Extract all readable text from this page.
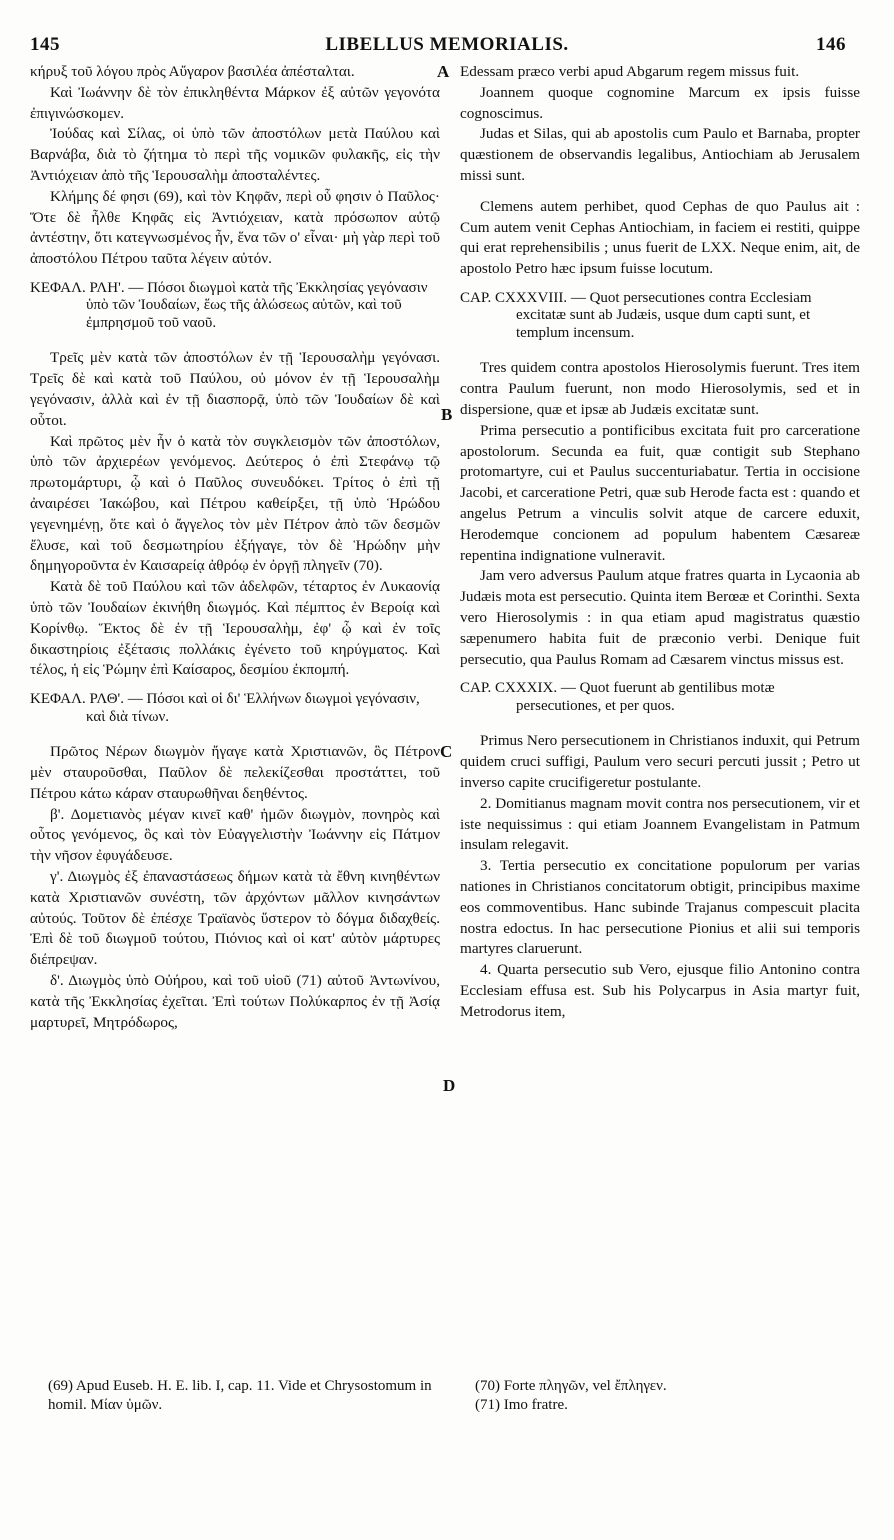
LIBELLUS MEMORIALIS.
145	146
A
B
C
D

κήρυξ τοῦ λόγου πρὸς Αὔγαρον βασιλέα ἀπέσταλται.

Καὶ Ἰωάννην δὲ τὸν ἐπικληθέντα Μάρκον ἐξ αὐτῶν γεγονότα ἐπιγινώσκομεν.

Ἰούδας καὶ Σίλας, οἱ ὑπὸ τῶν ἀποστόλων μετὰ Παύλου καὶ Βαρνάβα, διὰ τὸ ζήτημα τὸ περὶ τῆς νομικῶν φυλακῆς, εἰς τὴν Ἀντιόχειαν ἀπὸ τῆς Ἱερουσαλὴμ ἀποσταλέντες.

Κλήμης δέ φησι (69), καὶ τὸν Κηφᾶν, περὶ οὗ φησιν ὁ Παῦλος· Ὅτε δὲ ἦλθε Κηφᾶς εἰς Ἀντιόχειαν, κατὰ πρόσωπον αὐτῷ ἀντέστην, ὅτι κατεγνωσμένος ἦν, ἕνα τῶν ο' εἶναι· μὴ γὰρ περὶ τοῦ ἀποστόλου Πέτρου ταῦτα λέγειν αὐτόν.

ΚΕΦΑΛ. ΡΛΗ'. — Πόσοι διωγμοὶ κατὰ τῆς Ἐκκλησίας γεγόνασιν ὑπὸ τῶν Ἰουδαίων, ἕως τῆς ἁλώσεως αὐτῶν, καὶ τοῦ ἐμπρησμοῦ τοῦ ναοῦ.

Τρεῖς μὲν κατὰ τῶν ἀποστόλων ἐν τῇ Ἱερουσαλὴμ γεγόνασι. Τρεῖς δὲ καὶ κατὰ τοῦ Παύλου, οὐ μόνον ἐν τῇ Ἱερουσαλὴμ γεγόνασιν, ἀλλὰ καὶ ἐν τῇ διασπορᾷ, ὑπὸ τῶν Ἰουδαίων δὲ καὶ οὗτοι.

Καὶ πρῶτος μὲν ἦν ὁ κατὰ τὸν συγκλεισμὸν τῶν ἀποστόλων, ὑπὸ τῶν ἀρχιερέων γενόμενος. Δεύτερος ὁ ἐπὶ Στεφάνῳ τῷ πρωτομάρτυρι, ᾧ καὶ ὁ Παῦλος συνευδόκει. Τρίτος ὁ ἐπὶ τῇ ἀναιρέσει Ἰακώβου, καὶ Πέτρου καθείρξει, τῇ ὑπὸ Ἡρώδου γεγενημένῃ, ὅτε καὶ ὁ ἄγγελος τὸν μὲν Πέτρον ἀπὸ τῶν δεσμῶν ἔλυσε, καὶ τοῦ δεσμωτηρίου ἐξήγαγε, τὸν δὲ Ἡρώδην μὴν δημηγοροῦντα ἐν Καισαρείᾳ ἀθρόῳ ἐν ὀργῇ πληγεῖν (70).

Κατὰ δὲ τοῦ Παύλου καὶ τῶν ἀδελφῶν, τέταρτος ἐν Λυκαονίᾳ ὑπὸ τῶν Ἰουδαίων ἐκινήθη διωγμός. Καὶ πέμπτος ἐν Βεροίᾳ καὶ Κορίνθῳ. Ἕκτος δὲ ἐν τῇ Ἱερουσαλὴμ, ἐφ' ᾧ καὶ ἐν τοῖς δικαστηρίοις ἐξέτασις πολλάκις ἐγένετο τοῦ κηρύγματος. Καὶ τέλος, ἡ εἰς Ῥώμην ἐπὶ Καίσαρος, δεσμίου ἐκπομπή.

ΚΕΦΑΛ. ΡΛΘ'. — Πόσοι καὶ οἱ δι' Ἑλλήνων διωγμοὶ γεγόνασιν, καὶ διὰ τίνων.

Πρῶτος Νέρων διωγμὸν ἤγαγε κατὰ Χριστιανῶν, ὃς Πέτρον μὲν σταυροῦσθαι, Παῦλον δὲ πελεκίζεσθαι προστάττει, τοῦ Πέτρου κάτω κάραν σταυρωθῆναι δεηθέντος.

β'. Δομετιανὸς μέγαν κινεῖ καθ' ἡμῶν διωγμὸν, πονηρὸς καὶ οὗτος γενόμενος, ὃς καὶ τὸν Εὐαγγελιστὴν Ἰωάννην εἰς Πάτμον τὴν νῆσον ἐφυγάδευσε.

γ'. Διωγμὸς ἐξ ἐπαναστάσεως δήμων κατὰ τὰ ἔθνη κινηθέντων κατὰ Χριστιανῶν συνέστη, τῶν ἀρχόντων μᾶλλον κινησάντων αὐτούς. Τοῦτον δὲ ἐπέσχε Τραϊανὸς ὕστερον τὸ δόγμα διδαχθείς. Ἐπὶ δὲ τοῦ διωγμοῦ τούτου, Πιόνιος καὶ οἱ κατ' αὐτὸν μάρτυρες διέπρεψαν.

δ'. Διωγμὸς ὑπὸ Οὐήρου, καὶ τοῦ υἱοῦ (71) αὐτοῦ Ἀντωνίνου, κατὰ τῆς Ἐκκλησίας ἐχεῖται. Ἐπὶ τούτων Πολύκαρπος ἐν τῇ Ἀσίᾳ μαρτυρεῖ, Μητρόδωρος,

Edessam præco verbi apud Abgarum regem missus fuit.

Joannem quoque cognomine Marcum ex ipsis fuisse cognoscimus.

Judas et Silas, qui ab apostolis cum Paulo et Barnaba, propter quæstionem de observandis legalibus, Antiochiam ab Jerusalem missi sunt.

Clemens autem perhibet, quod Cephas de quo Paulus ait : Cum autem venit Cephas Antiochiam, in faciem ei restiti, quippe qui erat reprehensibilis ; unus fuerit de LXX. Neque enim, ait, de apostolo Petro hæc ipsum fuisse locutum.

CAP. CXXXVIII. — Quot persecutiones contra Ecclesiam excitatæ sunt ab Judæis, usque dum capti sunt, et templum incensum.

Tres quidem contra apostolos Hierosolymis fuerunt. Tres item contra Paulum fuerunt, non modo Hierosolymis, sed et in dispersione, quæ et ipsæ ab Judæis excitatæ sunt.

Prima persecutio a pontificibus excitata fuit pro carceratione apostolorum. Secunda ea fuit, quæ contigit sub Stephano protomartyre, cui et Paulus succenturiabatur. Tertia in occisione Jacobi, et carceratione Petri, quæ sub Herode facta est : quando et angelus Petrum a vinculis solvit atque de carcere eduxit, Herodemque concionem ad populum habentem Cæsareæ repentina indignatione vulneravit.

Jam vero adversus Paulum atque fratres quarta in Lycaonia ab Judæis mota est persecutio. Quinta item Berœæ et Corinthi. Sexta vero Hierosolymis : in qua etiam apud magistratus quæstio sæpenumero habita fuit de præconio verbi. Denique fuit persecutio, qua Paulus Romam ad Cæsarem vinctus missus est.

CAP. CXXXIX. — Quot fuerunt ab gentilibus motæ persecutiones, et per quos.

Primus Nero persecutionem in Christianos induxit, qui Petrum quidem cruci suffigi, Paulum vero securi percuti jussit ; Petro ut inverso capite crucifigeretur postulante.

2. Domitianus magnam movit contra nos persecutionem, vir et iste nequissimus : qui etiam Joannem Evangelistam in Patmum insulam relegavit.

3. Tertia persecutio ex concitatione populorum per varias nationes in Christianos concitatorum obtigit, principibus maxime eos commoventibus. Hanc subinde Trajanus compescuit placita nostra edoctus. In hac persecutione Pionius et alii sui temporis martyres claruerunt.

4. Quarta persecutio sub Vero, ejusque filio Antonino contra Ecclesiam effusa est. Sub his Polycarpus in Asia martyr fuit, Metrodorus item,

(69) Apud Euseb. H. E. lib. I, cap. 11. Vide et Chrysostomum in homil. Μίαν ὑμῶν.
(70) Forte πληγῶν, vel ἔπληγεν.
(71) Imo fratre.
